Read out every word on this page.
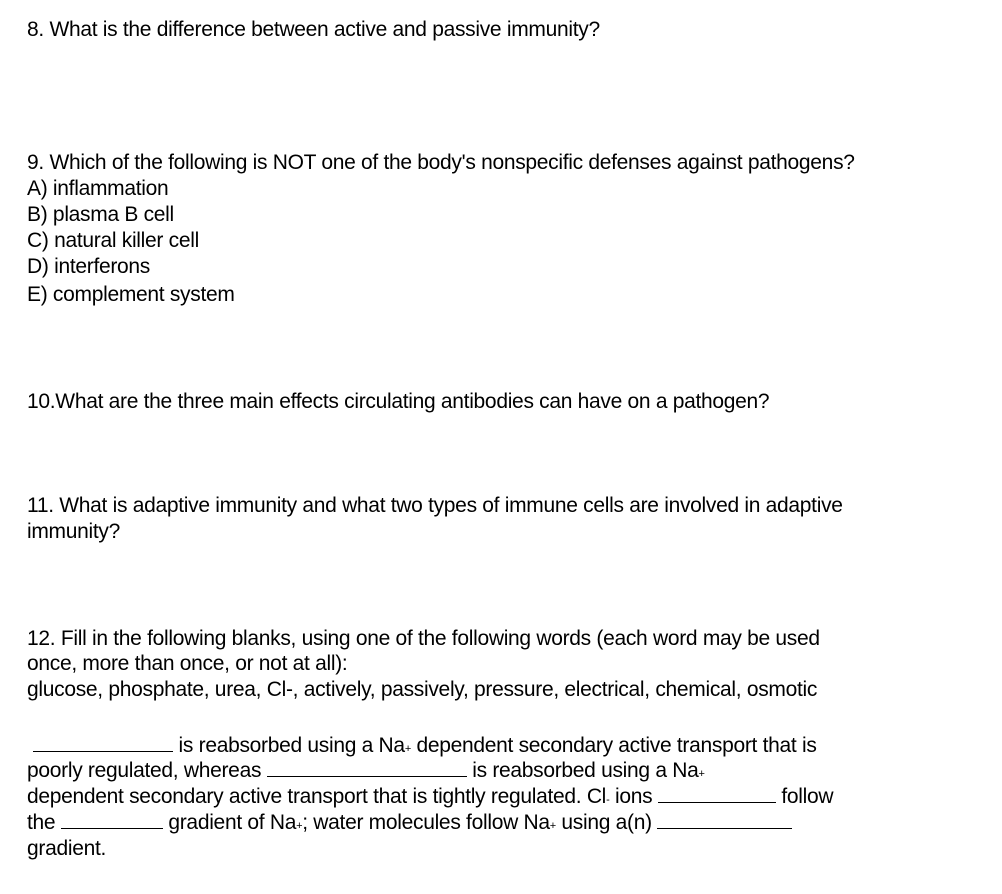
8. What is the difference between active and passive immunity?
9. Which of the following is NOT one of the body's nonspecific defenses against pathogens?
A) inflammation
B) plasma B cell
C) natural killer cell
D) interferons
E) complement system
10.What are the three main effects circulating antibodies can have on a pathogen?
11. What is adaptive immunity and what two types of immune cells are involved in adaptive
immunity?
12. Fill in the following blanks, using one of the following words (each word may be used
once, more than once, or not at all):
glucose, phosphate, urea, Cl-, actively, passively, pressure, electrical, chemical, osmotic
is reabsorbed using a Na+ dependent secondary active transport that is
poorly regulated, whereas	is reabsorbed using a Na+
dependent secondary active transport that is tightly regulated. Cl- ions	follow
the	gradient of Na+; water molecules follow Na+ using a(n)
gradient.
